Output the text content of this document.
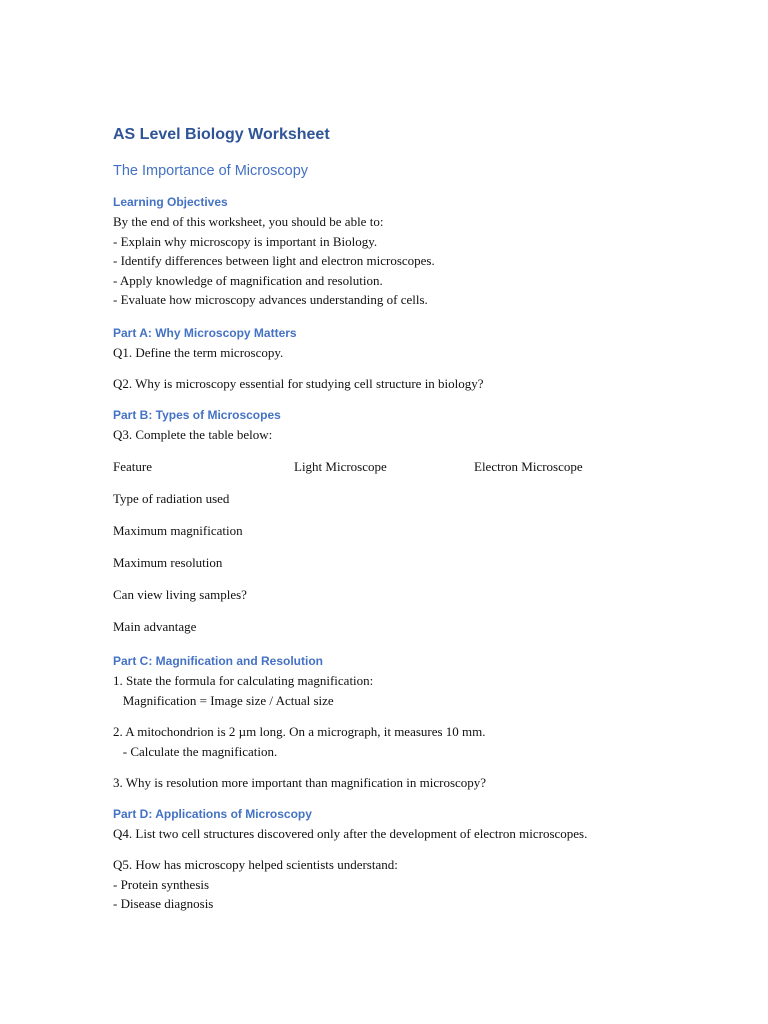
AS Level Biology Worksheet
The Importance of Microscopy
Learning Objectives
By the end of this worksheet, you should be able to:
- Explain why microscopy is important in Biology.
- Identify differences between light and electron microscopes.
- Apply knowledge of magnification and resolution.
- Evaluate how microscopy advances understanding of cells.
Part A: Why Microscopy Matters
Q1. Define the term microscopy.
Q2. Why is microscopy essential for studying cell structure in biology?
Part B: Types of Microscopes
Q3. Complete the table below:
Feature	Light Microscope	Electron Microscope
Type of radiation used
Maximum magnification
Maximum resolution
Can view living samples?
Main advantage
Part C: Magnification and Resolution
1. State the formula for calculating magnification:
Magnification = Image size / Actual size
2. A mitochondrion is 2 µm long. On a micrograph, it measures 10 mm.
- Calculate the magnification.
3. Why is resolution more important than magnification in microscopy?
Part D: Applications of Microscopy
Q4. List two cell structures discovered only after the development of electron microscopes.
Q5. How has microscopy helped scientists understand:
- Protein synthesis
- Disease diagnosis
